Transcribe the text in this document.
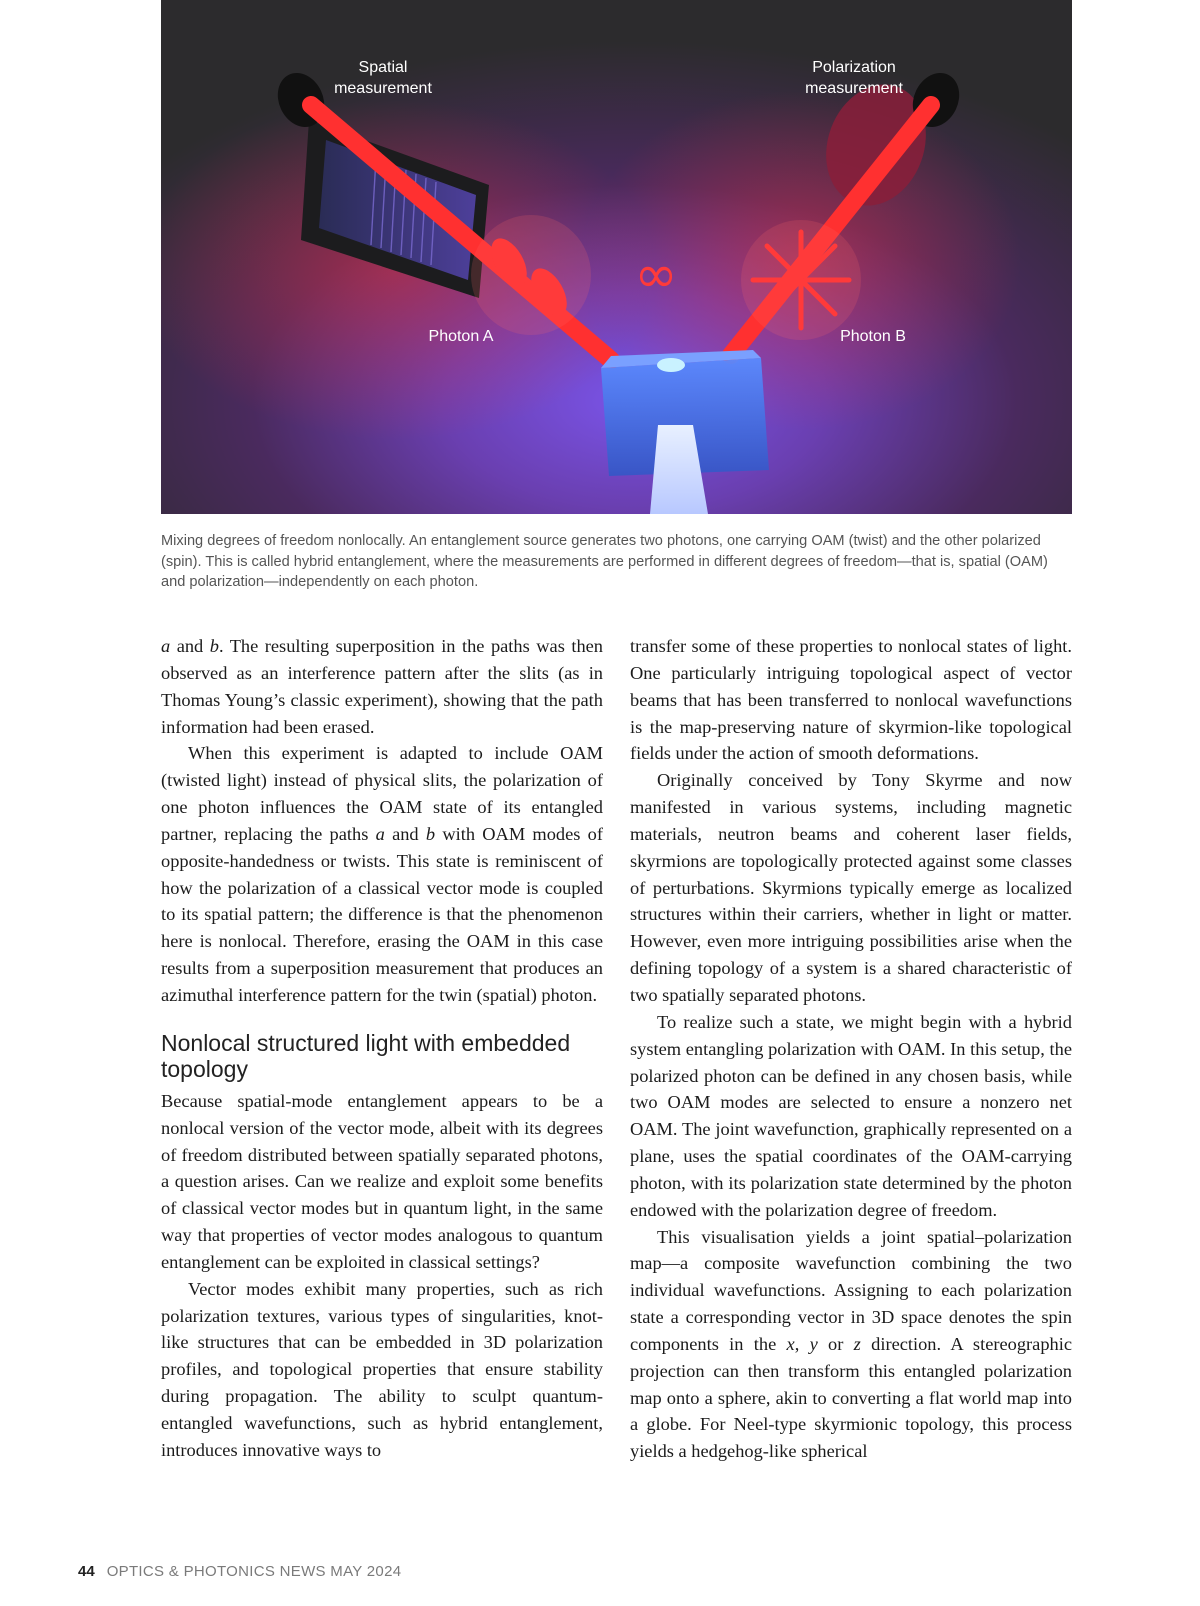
∞
Spatial
measurement
Polarization
measurement
Photon A	Photon B
Mixing degrees of freedom nonlocally. An entanglement source generates two photons, one carrying OAM (twist) and the other polarized (spin). This is called hybrid entanglement, where the measurements are performed in different degrees of freedom—that is, spatial (OAM) and polarization—independently on each photon.

a and b. The resulting superposition in the paths was then observed as an interference pattern after the slits (as in Thomas Young’s classic experiment), showing that the path information had been erased.

When this experiment is adapted to include OAM (twisted light) instead of physical slits, the polarization of one photon influences the OAM state of its entangled partner, replacing the paths a and b with OAM modes of opposite-handedness or twists. This state is reminiscent of how the polarization of a classical vector mode is coupled to its spatial pattern; the difference is that the phenomenon here is nonlocal. Therefore, erasing the OAM in this case results from a superposition measurement that produces an azimuthal interference pattern for the twin (spatial) photon.

Nonlocal structured light with embedded topology

Because spatial-mode entanglement appears to be a nonlocal version of the vector mode, albeit with its degrees of freedom distributed between spatially separated photons, a question arises. Can we realize and exploit some benefits of classical vector modes but in quantum light, in the same way that properties of vector modes analogous to quantum entanglement can be exploited in classical settings?

Vector modes exhibit many properties, such as rich polarization textures, various types of singularities, knot-like structures that can be embedded in 3D polarization profiles, and topological properties that ensure stability during propagation. The ability to sculpt quantum-entangled wavefunctions, such as hybrid entanglement, introduces innovative ways to

transfer some of these properties to nonlocal states of light. One particularly intriguing topological aspect of vector beams that has been transferred to nonlocal wavefunctions is the map-preserving nature of skyrmion-like topological fields under the action of smooth deformations.

Originally conceived by Tony Skyrme and now manifested in various systems, including magnetic materials, neutron beams and coherent laser fields, skyrmions are topologically protected against some classes of perturbations. Skyrmions typically emerge as localized structures within their carriers, whether in light or matter. However, even more intriguing possibilities arise when the defining topology of a system is a shared characteristic of two spatially separated photons.

To realize such a state, we might begin with a hybrid system entangling polarization with OAM. In this setup, the polarized photon can be defined in any chosen basis, while two OAM modes are selected to ensure a nonzero net OAM. The joint wavefunction, graphically represented on a plane, uses the spatial coordinates of the OAM-carrying photon, with its polarization state determined by the photon endowed with the polarization degree of freedom.

This visualisation yields a joint spatial–polarization map—a composite wavefunction combining the two individual wavefunctions. Assigning to each polarization state a corresponding vector in 3D space denotes the spin components in the x, y or z direction. A stereographic projection can then transform this entangled polarization map onto a sphere, akin to converting a flat world map into a globe. For Neel-type skyrmionic topology, this process yields a hedgehog-like spherical

44 OPTICS & PHOTONICS NEWS MAY 2024
